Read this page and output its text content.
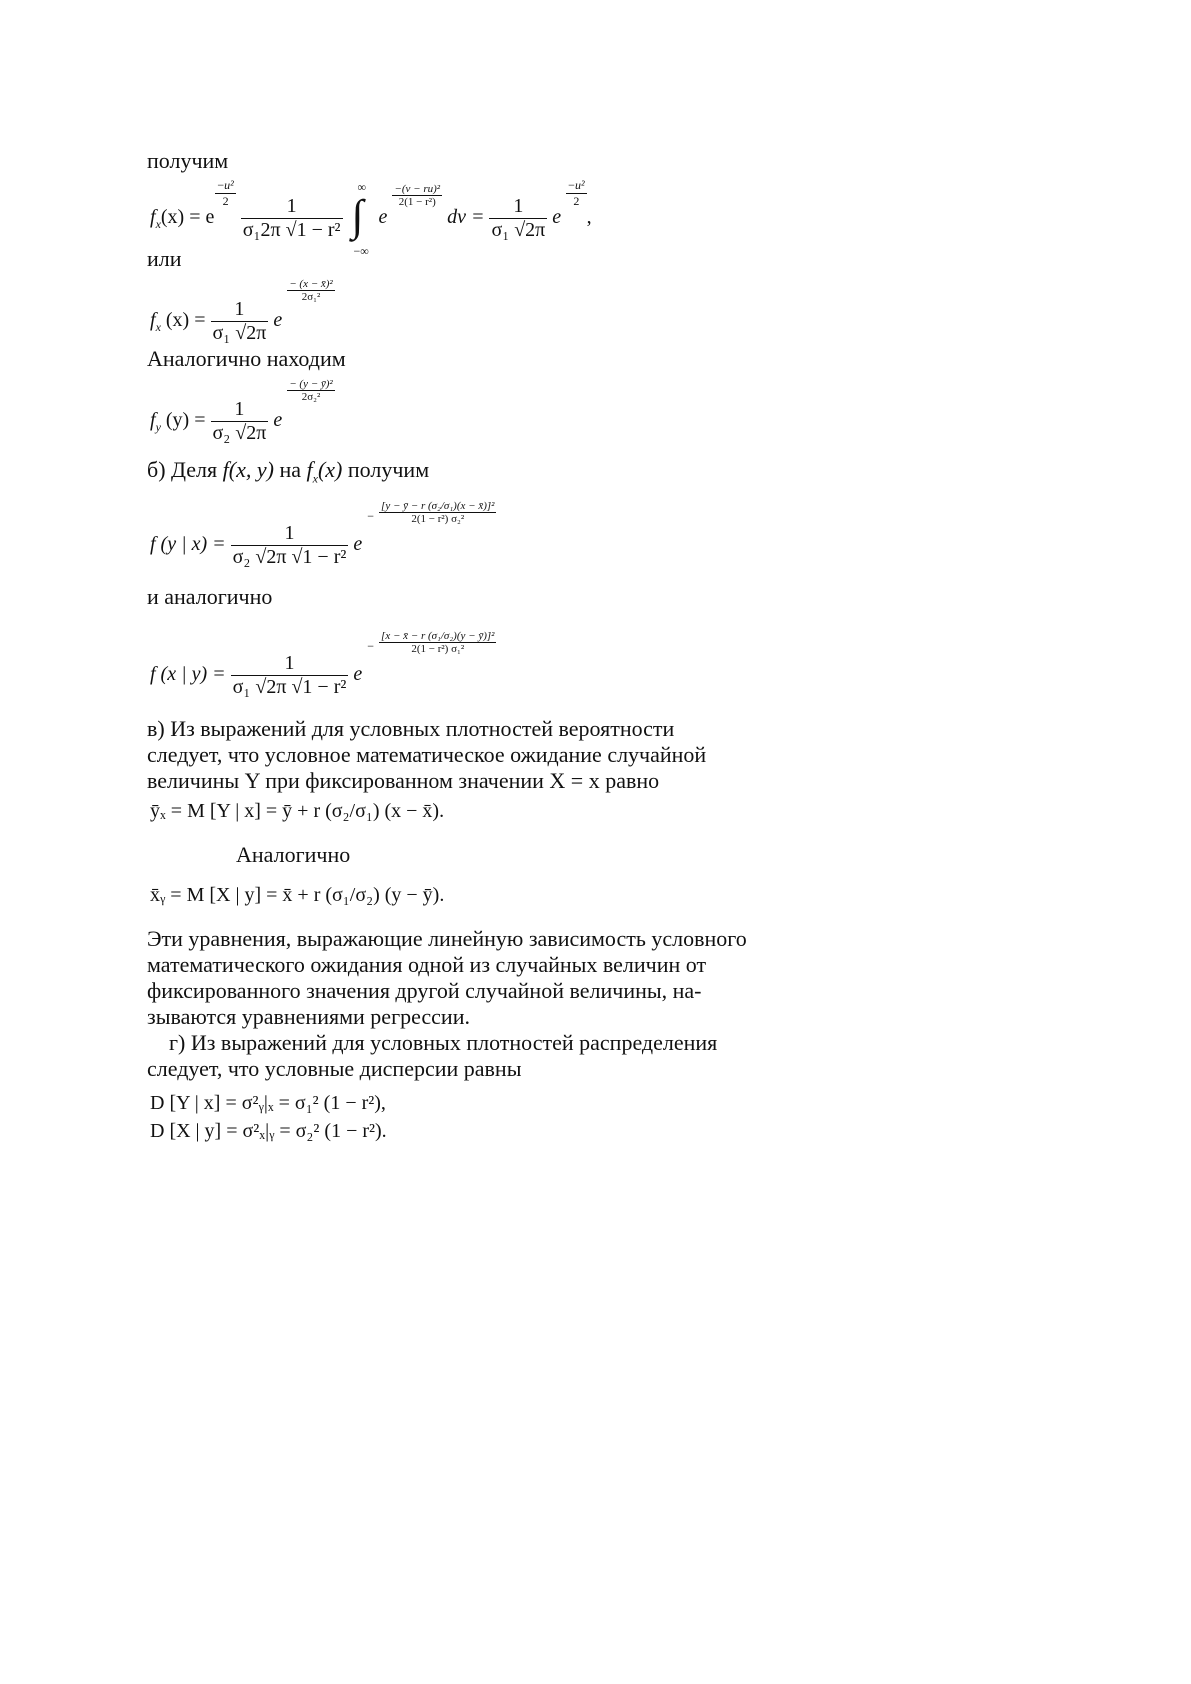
получим
$f_x(x) = e$
$\frac{\text{−u²}}{2}$

$\frac{1}{\text{σ₁2π √1 − r²}}$

∞
∫
−∞
e
$\frac{\text{−(v − ru)²}}{\text{2(1 − r²)}}$
dv = $\frac{1}{\text{σ₁ √2π}}$ e
$\frac{\text{−u²}}{2}$
,
или
$f_x$ $(x) = \frac{1}{\text{σ₁ √2π}}$ e
$\frac{\text{− (x − x̄)²}}{\text{2σ₁²}}$
Аналогично находим
$f_y$ $(y) = \frac{1}{\text{σ₂ √2π}}$ e
$\frac{\text{− (y − ȳ)²}}{\text{2σ₂²}}$
б) Деля f(x, y) на $f_x(x)$ получим
f (y | $x) = \frac{1}{\text{σ₂ √2π √1 − r²}}$ e $^- \frac{\text{[y − ȳ − r (σ₂/σ₁)(x − x̄)]²}}{\text{2(1 − r²) σ₂²}}$
и аналогично
f (x | $y) = \frac{1}{\text{σ₁ √2π √1 − r²}}$ e $^- \frac{\text{[x − x̄ − r (σ₁/σ₂)(y − ȳ)]²}}{\text{2(1 − r²) σ₁²}}$
в) Из выражений для условных плотностей вероятности
следует, что условное математическое ожидание случайной
величины Y при фиксированном значении X = x равно
ȳₓ = M [Y | x] = ȳ + r (σ₂/σ₁) (x − x̄).
Аналогично
x̄ᵧ = M [X | y] = x̄ + r (σ₁/σ₂) (y − ȳ).
Эти уравнения, выражающие линейную зависимость условного
математического ожидания одной из случайных величин от
фиксированного значения другой случайной величины, на-
зываются уравнениями регрессии.
г) Из выражений для условных плотностей распределения
следует, что условные дисперсии равны
D [Y | x] = σ²ᵧ|ₓ = σ₁² (1 − r²),
D [X | y] = σ²ₓ|ᵧ = σ₂² (1 − r²).
